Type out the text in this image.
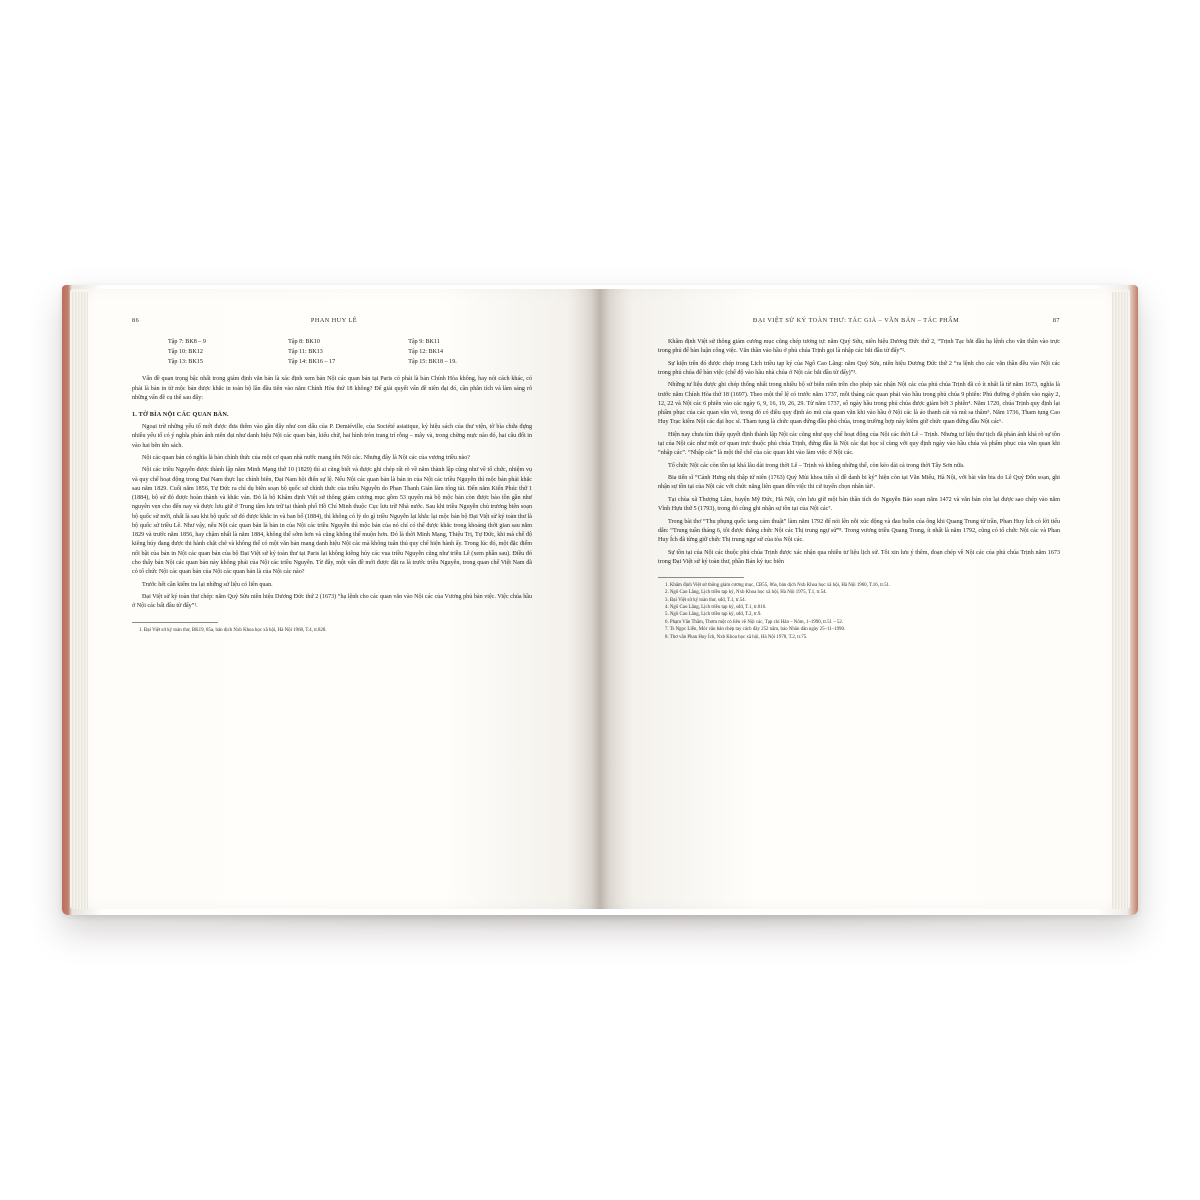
86	PHAN HUY LÊ
Tập 7: BK8 – 9	Tập 8: BK10	Tập 9: BK11
Tập 10: BK12	Tập 11: BK13	Tập 12: BK14
Tập 13: BK15	Tập 14: BK16 – 17	Tập 15: BK18 – 19.

Vấn đề quan trọng bậc nhất trong giám định văn bản là xác định xem bản Nội các quan bản tại Paris có phải là bản Chính Hòa không, hay nói cách khác, có phải là bản in từ mộc bản được khắc in toàn bộ lần đầu tiên vào năm Chính Hòa thứ 18 không? Để giải quyết vấn đề niên đại đó, cần phân tích và làm sáng rõ những vấn đề cụ thể sau đây:

1. TỜ BÌA NỘI CÁC QUAN BẢN.

Ngoại trừ những yếu tố mới được đưa thêm vào gần đây như con dấu của P. Demiéville, của Société asiatique, ký hiệu sách của thư viện, tờ bìa chứa đựng nhiều yếu tố có ý nghĩa phản ánh niên đại như danh hiệu Nội các quan bản, kiểu chữ, hai hình tròn trang trí rỗng – mây và, trong chừng mực nào đó, hai câu đối in vào hai bên tên sách.

Nội các quan bản có nghĩa là bản chính thức của một cơ quan nhà nước mang tên Nội các. Nhưng đây là Nội các của vương triều nào?

Nội các triều Nguyễn được thành lập năm Minh Mạng thứ 10 (1829) thì ai cũng biết và được ghi chép rất rõ về năm thành lập cũng như về tổ chức, nhiệm vụ và quy chế hoạt động trong Đại Nam thực lục chính biên, Đại Nam hội điển sự lệ. Nếu Nội các quan bản là bản in của Nội các triều Nguyễn thì mộc bản phải khắc sau năm 1829. Cuối năm 1856, Tự Đức ra chỉ dụ biên soạn bộ quốc sử chính thức của triều Nguyễn do Phan Thanh Giản làm tổng tài. Đến năm Kiến Phúc thứ 1 (1884), bộ sử đó được hoàn thành và khắc ván. Đó là bộ Khâm định Việt sử thông giám cương mục gồm 53 quyển mà bộ mộc bản còn được bảo tồn gần như nguyên vẹn cho đến nay và được lưu giữ ở Trung tâm lưu trữ tại thành phố Hồ Chí Minh thuộc Cục lưu trữ Nhà nước. Sau khi triều Nguyễn chủ trương biên soạn bộ quốc sử mới, nhất là sau khi bộ quốc sử đó được khắc in và ban bố (1884), thì không có lý do gì triều Nguyễn lại khắc lại mộc bản bộ Đại Việt sử ký toàn thư là bộ quốc sử triều Lê. Như vậy, nếu Nội các quan bản là bản in của Nội các triều Nguyễn thì mộc bản của nó chỉ có thể được khắc trong khoảng thời gian sau năm 1829 và trước năm 1856, hay chậm nhất là năm 1884, không thể sớm hơn và cũng không thể muộn hơn. Đó là thời Minh Mạng, Thiệu Trị, Tự Đức, khi mà chế độ kiêng húy đang được thi hành chặt chẽ và không thể có một văn bản mang danh hiệu Nội các mà không tuân thủ quy chế hiện hành ấy. Trong lúc đó, một đặc điểm nổi bật của bản in Nội các quan bản của bộ Đại Việt sử ký toàn thư tại Paris lại không kiêng húy các vua triều Nguyễn cũng như triều Lê (xem phần sau). Điều đó cho thấy bản Nội các quan bản này không phải của Nội các triều Nguyễn. Từ đây, một vấn đề mới được đặt ra là trước triều Nguyễn, trong quan chế Việt Nam đã có tổ chức Nội các quan bản của Nội các quan bản là của Nội các nào?

Trước hết cần kiểm tra lại những sử liệu có liên quan.

Đại Việt sử ký toàn thư chép: năm Quý Sửu niên hiệu Dương Đức thứ 2 (1673) “hạ lệnh cho các quan văn vào Nội các của Vương phủ bàn việc. Việc chúa hầu ở Nội các bất đầu từ đấy”¹.

1. Đại Việt sử ký toàn thư, BK19, 85a, bản dịch Nxb Khoa học xã hội, Hà Nội 1968, T.4, tr.828.

ĐẠI VIỆT SỬ KÝ TOÀN THƯ: TÁC GIẢ – VĂN BẢN – TÁC PHẨM	87

Khâm định Việt sử thông giám cương mục cũng chép tương tự: năm Quý Sửu, niên hiệu Dương Đức thứ 2, “Trịnh Tạc bắt đầu hạ lệnh cho văn thần vào trực trong phủ để bàn luận công việc. Văn thần vào hầu ở phủ chúa Trịnh gọi là nhập các bắt đầu từ đấy”².

Sự kiện trên đó được chép trong Lịch triều tạp ký của Ngô Cao Lãng: năm Quý Sửu, niên hiệu Dương Đức thứ 2 “ra lệnh cho các văn thần đều vào Nội các trong phủ chúa để bàn việc (chế độ vào hầu nhà chúa ở Nội các bắt đầu từ đấy)”³.

Những tư liệu được ghi chép thống nhất trong nhiều bộ sử biên niên trên cho phép xác nhận Nội các của phủ chúa Trịnh đã có ít nhất là từ năm 1673, nghĩa là trước năm Chính Hòa thứ 18 (1697). Theo một thể lệ có trước năm 1737, mỗi tháng các quan phải vào hầu trong phủ chúa 9 phiên: Phủ đường ở phiên vào ngày 2, 12, 22 và Nội các 6 phiên vào các ngày 6, 9, 16, 19, 26, 29. Từ năm 1737, số ngày hầu trong phủ chúa được giảm bớt 3 phiên⁴. Năm 1720, chúa Trịnh quy định lại phẩm phục của các quan văn võ, trong đó có điều quy định áo mũ của quan văn khi vào hầu ở Nội các là áo thanh cát và mũ sa thâm⁵. Năm 1736, Tham tụng Cao Huy Trạc kiêm Nội các đại học sĩ. Tham tụng là chức quan đứng đầu phủ chúa, trong trường hợp này kiêm giữ chức quan đứng đầu Nội các⁶.

Hiện nay chưa tìm thấy quyết định thành lập Nội các cũng như quy chế hoạt động của Nội các thời Lê – Trịnh. Nhưng tư liệu thư tịch đã phản ánh khá rõ sự tồn tại của Nội các như một cơ quan trực thuộc phủ chúa Trịnh, đứng đầu là Nội các đại học sĩ cùng với quy định ngày vào hầu chúa và phẩm phục của văn quan khi “nhập các”. “Nhập các” là một thể chế của các quan khi vào làm việc ở Nội các.

Tổ chức Nội các còn tồn tại khá lâu dài trong thời Lê – Trịnh và không những thế, còn kéo dài cả trong thời Tây Sơn nữa.

Bia tiến sĩ “Cảnh Hưng nhị thập tứ niên (1763) Quý Mùi khoa tiến sĩ đề danh bi ký” hiện còn tại Văn Miếu, Hà Nội, với bài văn bia do Lê Quý Đôn soạn, ghi nhận sự tồn tại của Nội các với chức năng liên quan đến việc thi cử tuyển chọn nhân tài⁶.

Tại chùa xã Thượng Lâm, huyện Mỹ Đức, Hà Nội, còn lưu giữ một bản thần tích do Nguyễn Bảo soạn năm 1472 và văn bản còn lại được sao chép vào năm Vĩnh Hựu thứ 5 (1793), trong đó cũng ghi nhận sự tồn tại của Nội các⁷.

Trong bài thơ “Thu phụng quốc tang cảm thuật” làm năm 1792 để nói lên nỗi xúc động và đau buồn của ông khi Quang Trung từ trần, Phan Huy Ích có lời tiểu dẫn: “Trung tuần tháng 6, tôi được thăng chức Nội các Thị trung ngự sử”⁸. Trong vương triều Quang Trung, ít nhất là năm 1792, cũng có tổ chức Nội các và Phan Huy Ích đã từng giữ chức Thị trung ngự sử của tòa Nội các.

Sự tồn tại của Nội các thuộc phủ chúa Trịnh được xác nhận qua nhiều tư liệu lịch sử. Tôi xin lưu ý thêm, đoạn chép về Nội các của phủ chúa Trịnh năm 1673 trong Đại Việt sử ký toàn thư, phần Bản ký tục biên

1. Khâm định Việt sử thông giám cương mục, CB55, 86a, bản dịch Nxb Khoa học xã hội, Hà Nội 1960, T.16, tr.51.

2. Ngô Cao Lãng, Lịch triều tạp ký, Nxb Khoa học xã hội, Hà Nội 1975, T.1, tr.54.

3. Đại Việt sử ký toàn thư, sđd, T.1, tr.54.

4. Ngô Cao Lãng, Lịch triều tạp ký, sđd, T.1, tr.816.

5. Ngô Cao Lãng, Lịch triều tạp ký, sđd, T.2, tr.9.

6. Phạm Văn Thắm, Thơm một có liên vẽ Nội các, Tạp chí Hán – Nôm, 1–1990, tr.51 – 52.

7. Ts Ngọc Liễn, Mór văn bản chép tay cách đây 252 năm, báo Nhân dân ngày 25–11–1990.

8. Thơ văn Phan Huy Ích, Nxb Khoa học xã hội, Hà Nội 1978, T.2, tr.75.
